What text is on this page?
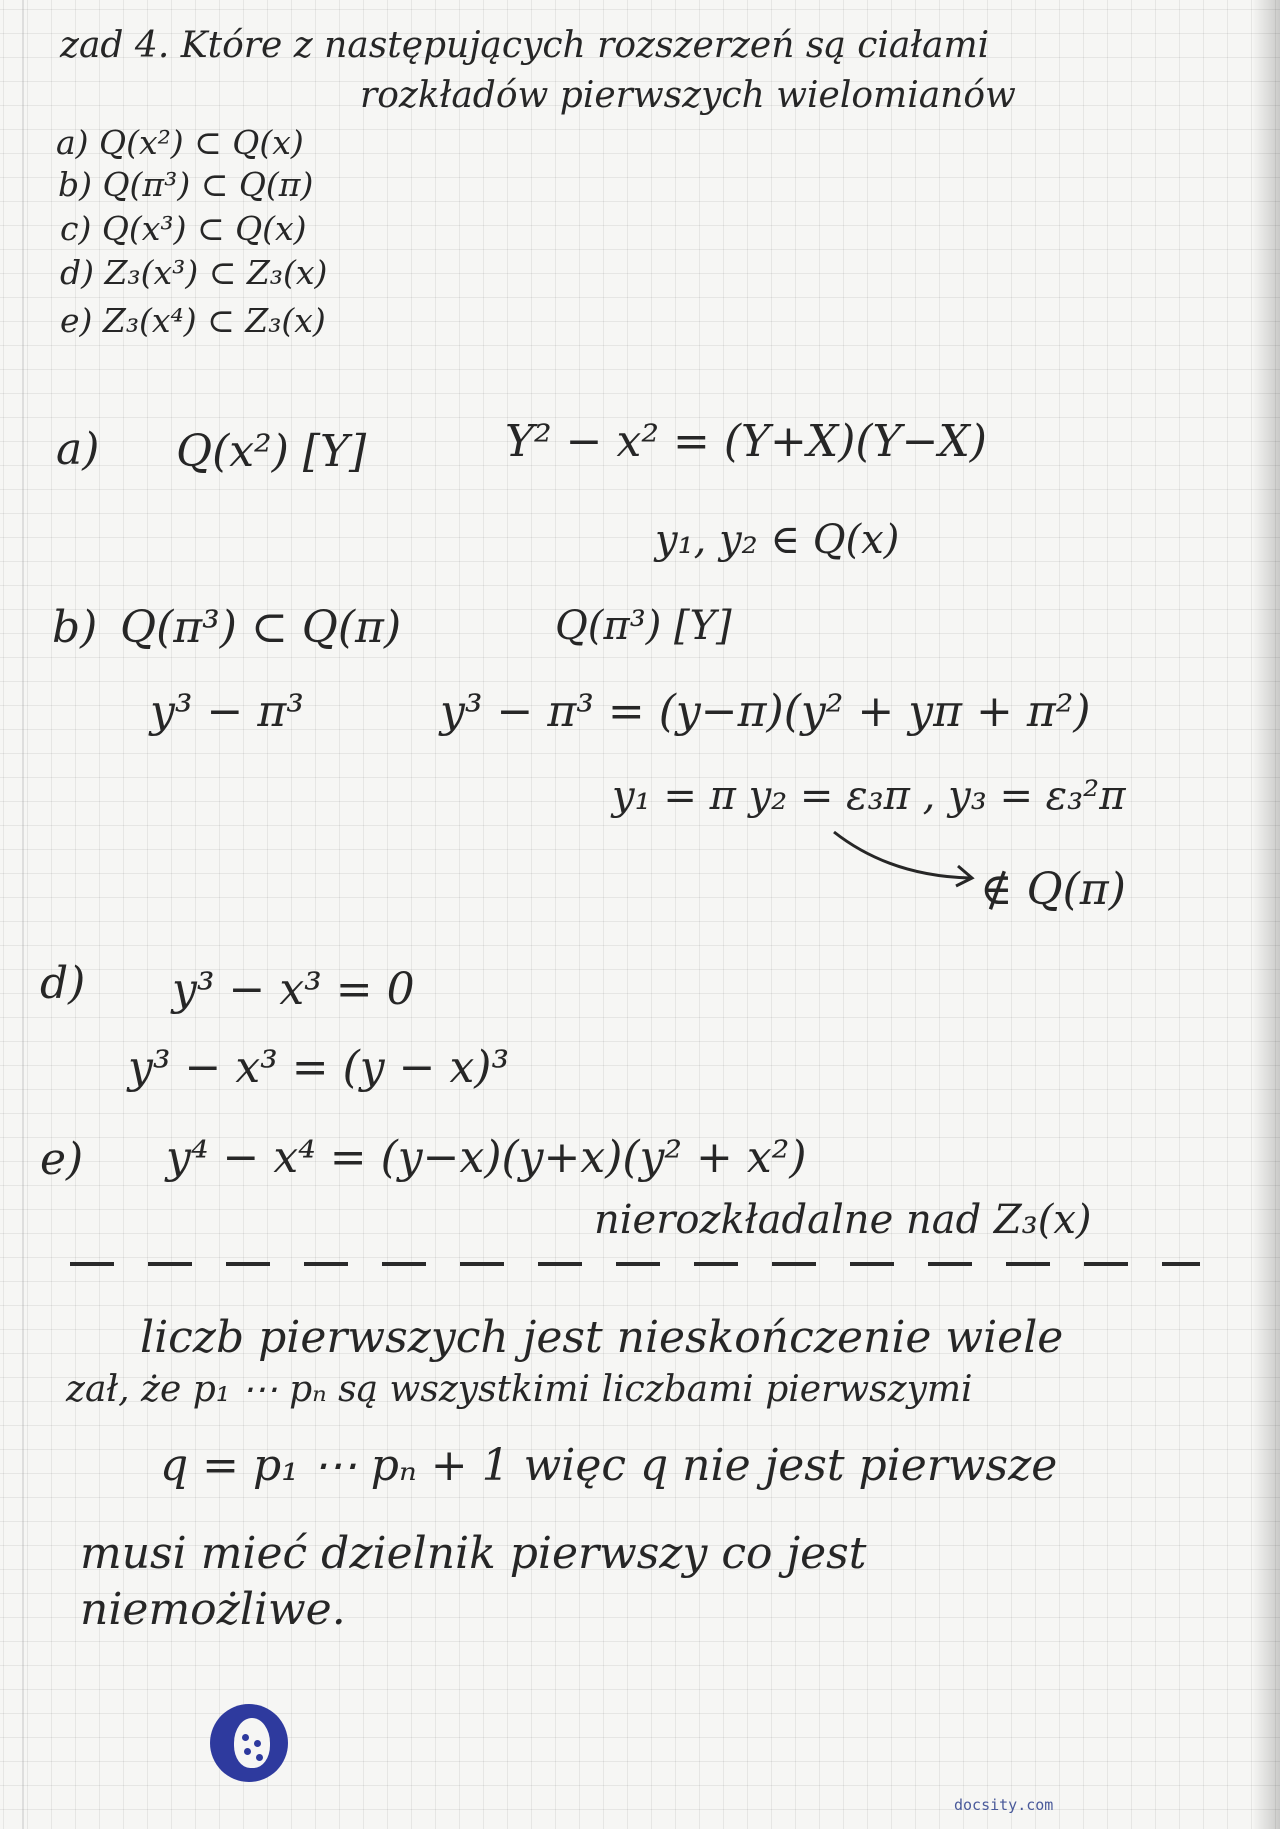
zad 4. Które z następujących rozszerzeń są ciałami
rozkładów pierwszych wielomianów
a) Q(x²) ⊂ Q(x)
b) Q(π³) ⊂ Q(π)
c) Q(x³) ⊂ Q(x)
d) Z₃(x³) ⊂ Z₃(x)
e) Z₃(x⁴) ⊂ Z₃(x)
a) Q(x²) [Y]	Y² − x² = (Y+X)(Y−X)
y₁, y₂ ∈ Q(x)
b) Q(π³) ⊂ Q(π)	Q(π³) [Y]
y³ − π³	y³ − π³ = (y−π)(y² + yπ + π²)
y₁ = π y₂ = ε₃π , y₃ = ε₃²π
∉ Q(π)
d) y³ − x³ = 0
y³ − x³ = (y − x)³
e) y⁴ − x⁴ = (y−x)(y+x)(y² + x²)
nierozkładalne nad Z₃(x)
liczb pierwszych jest nieskończenie wiele
zał, że p₁ ⋯ pₙ są wszystkimi liczbami pierwszymi
q = p₁ ⋯ pₙ + 1 więc q nie jest pierwsze
musi mieć dzielnik pierwszy co jest
niemożliwe.
docsity.com
